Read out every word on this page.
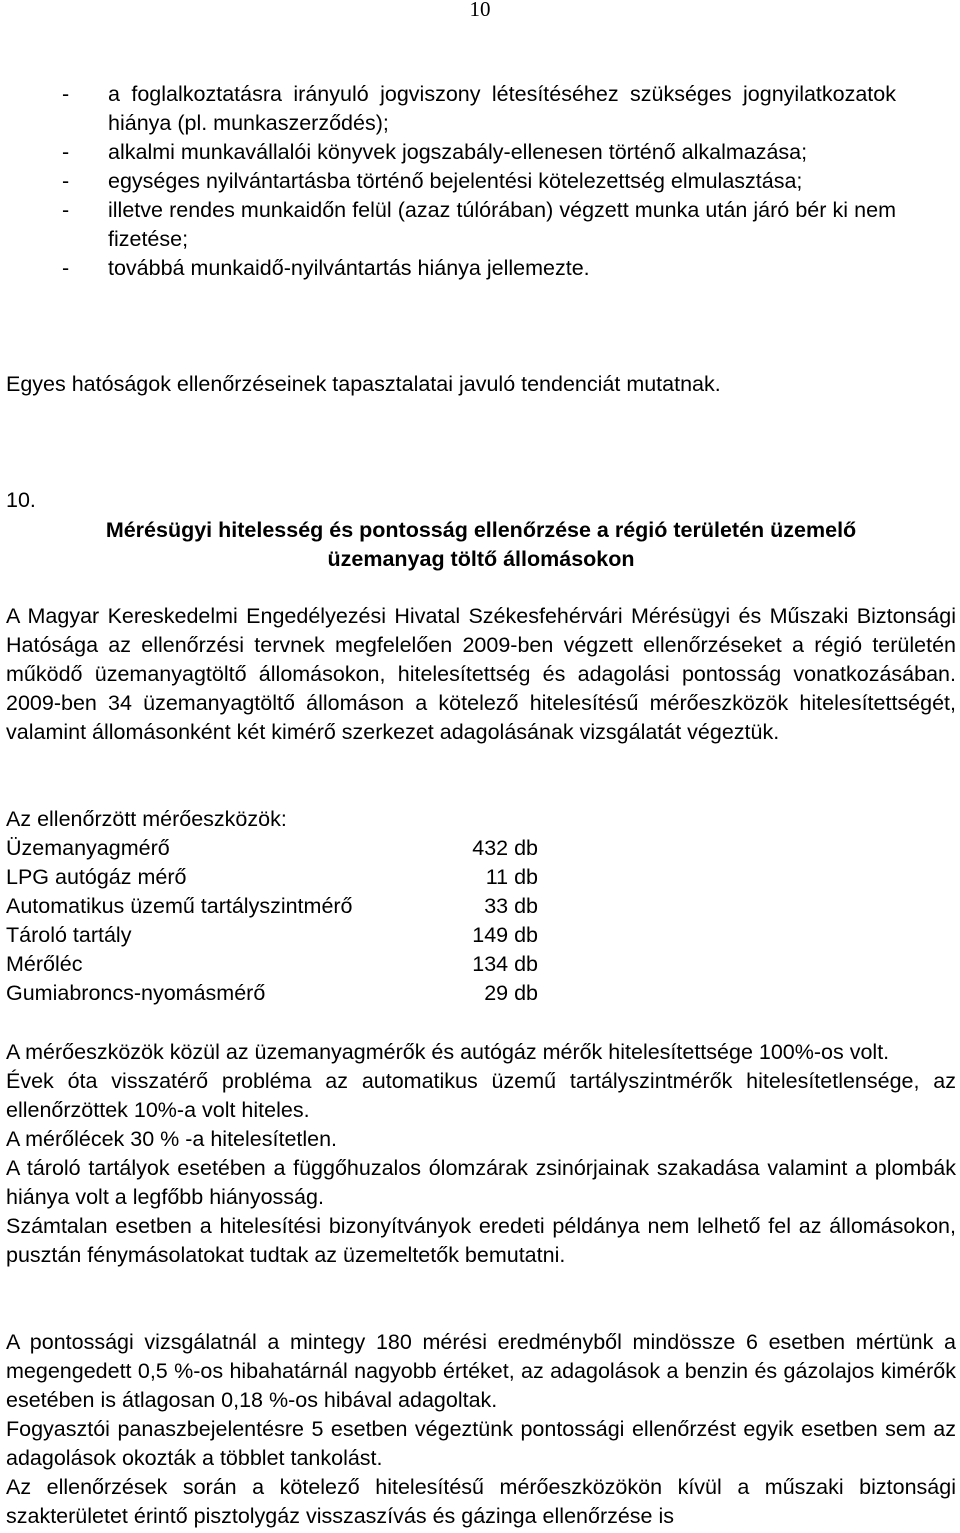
10
-	a foglalkoztatásra irányuló jogviszony létesítéséhez szükséges jognyilatkozatok hiánya (pl. munkaszerződés);
-	alkalmi munkavállalói könyvek jogszabály-ellenesen történő alkalmazása;
-	egységes nyilvántartásba történő bejelentési kötelezettség elmulasztása;
-	illetve rendes munkaidőn felül (azaz túlórában) végzett munka után járó bér ki nem fizetése;
-	továbbá munkaidő-nyilvántartás hiánya jellemezte.

Egyes hatóságok ellenőrzéseinek tapasztalatai javuló tendenciát mutatnak.

10.
Mérésügyi hitelesség és pontosság ellenőrzése a régió területén üzemelő
üzemanyag töltő állomásokon

A Magyar Kereskedelmi Engedélyezési Hivatal Székesfehérvári Mérésügyi és Műszaki Biztonsági Hatósága az ellenőrzési tervnek megfelelően 2009-ben végzett ellenőrzéseket a régió területén működő üzemanyagtöltő állomásokon, hitelesítettség és adagolási pontosság vonatkozásában. 2009-ben 34 üzemanyagtöltő állomáson a kötelező hitelesítésű mérőeszközök hitelesítettségét, valamint állomásonként két kimérő szerkezet adagolásának vizsgálatát végeztük.

Az ellenőrzött mérőeszközök:
Üzemanyagmérő	432 db
LPG autógáz mérő	11 db
Automatikus üzemű tartályszintmérő	33 db
Tároló tartály	149 db
Mérőléc	134 db
Gumiabroncs-nyomásmérő	29 db

A mérőeszközök közül az üzemanyagmérők és autógáz mérők hitelesítettsége 100%-os volt.

Évek óta visszatérő probléma az automatikus üzemű tartályszintmérők hitelesítetlensége, az ellenőrzöttek 10%-a volt hiteles.

A mérőlécek 30 % -a hitelesítetlen.

A tároló tartályok esetében a függőhuzalos ólomzárak zsinórjainak szakadása valamint a plombák hiánya volt a legfőbb hiányosság.

Számtalan esetben a hitelesítési bizonyítványok eredeti példánya nem lelhető fel az állomásokon, pusztán fénymásolatokat tudtak az üzemeltetők bemutatni.

A pontossági vizsgálatnál a mintegy 180 mérési eredményből mindössze 6 esetben mértünk a megengedett 0,5 %-os hibahatárnál nagyobb értéket, az adagolások a benzin és gázolajos kimérők esetében is átlagosan 0,18 %-os hibával adagoltak.

Fogyasztói panaszbejelentésre 5 esetben végeztünk pontossági ellenőrzést egyik esetben sem az adagolások okozták a többlet tankolást.

Az ellenőrzések során a kötelező hitelesítésű mérőeszközökön kívül a műszaki biztonsági szakterületet érintő pisztolygáz visszaszívás és gázinga ellenőrzése is
